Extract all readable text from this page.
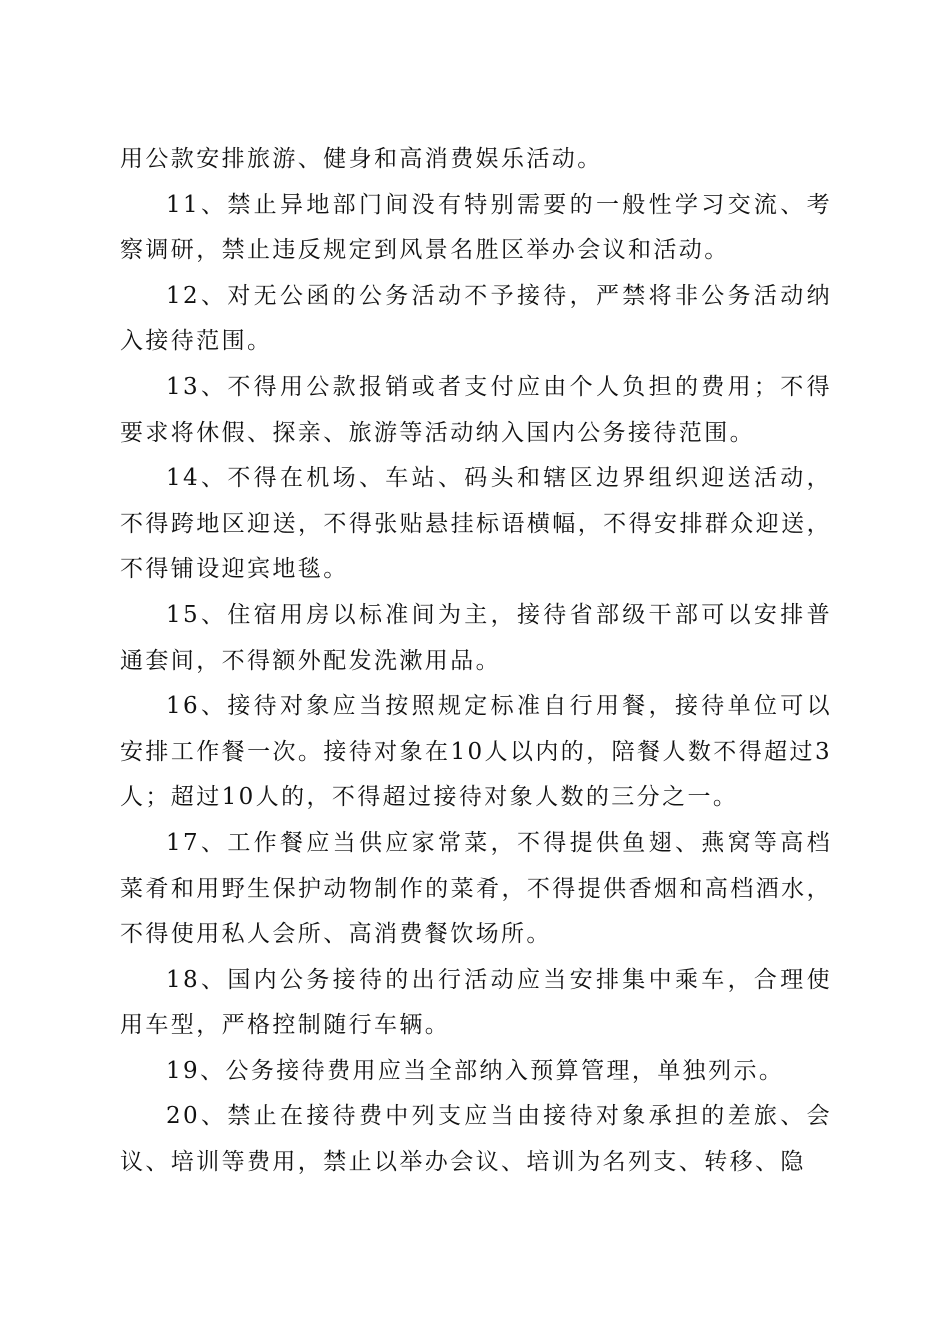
用公款安排旅游、健身和高消费娱乐活动。

11、禁止异地部门间没有特别需要的一般性学习交流、考察调研，禁止违反规定到风景名胜区举办会议和活动。

12、对无公函的公务活动不予接待，严禁将非公务活动纳入接待范围。

13、不得用公款报销或者支付应由个人负担的费用；不得要求将休假、探亲、旅游等活动纳入国内公务接待范围。

14、不得在机场、车站、码头和辖区边界组织迎送活动，不得跨地区迎送，不得张贴悬挂标语横幅，不得安排群众迎送，不得铺设迎宾地毯。

15、住宿用房以标准间为主，接待省部级干部可以安排普通套间，不得额外配发洗漱用品。

16、接待对象应当按照规定标准自行用餐，接待单位可以安排工作餐一次。接待对象在10人以内的，陪餐人数不得超过3人；超过10人的，不得超过接待对象人数的三分之一。

17、工作餐应当供应家常菜，不得提供鱼翅、燕窝等高档菜肴和用野生保护动物制作的菜肴，不得提供香烟和高档酒水，不得使用私人会所、高消费餐饮场所。

18、国内公务接待的出行活动应当安排集中乘车，合理使用车型，严格控制随行车辆。

19、公务接待费用应当全部纳入预算管理，单独列示。

20、禁止在接待费中列支应当由接待对象承担的差旅、会议、培训等费用，禁止以举办会议、培训为名列支、转移、隐
